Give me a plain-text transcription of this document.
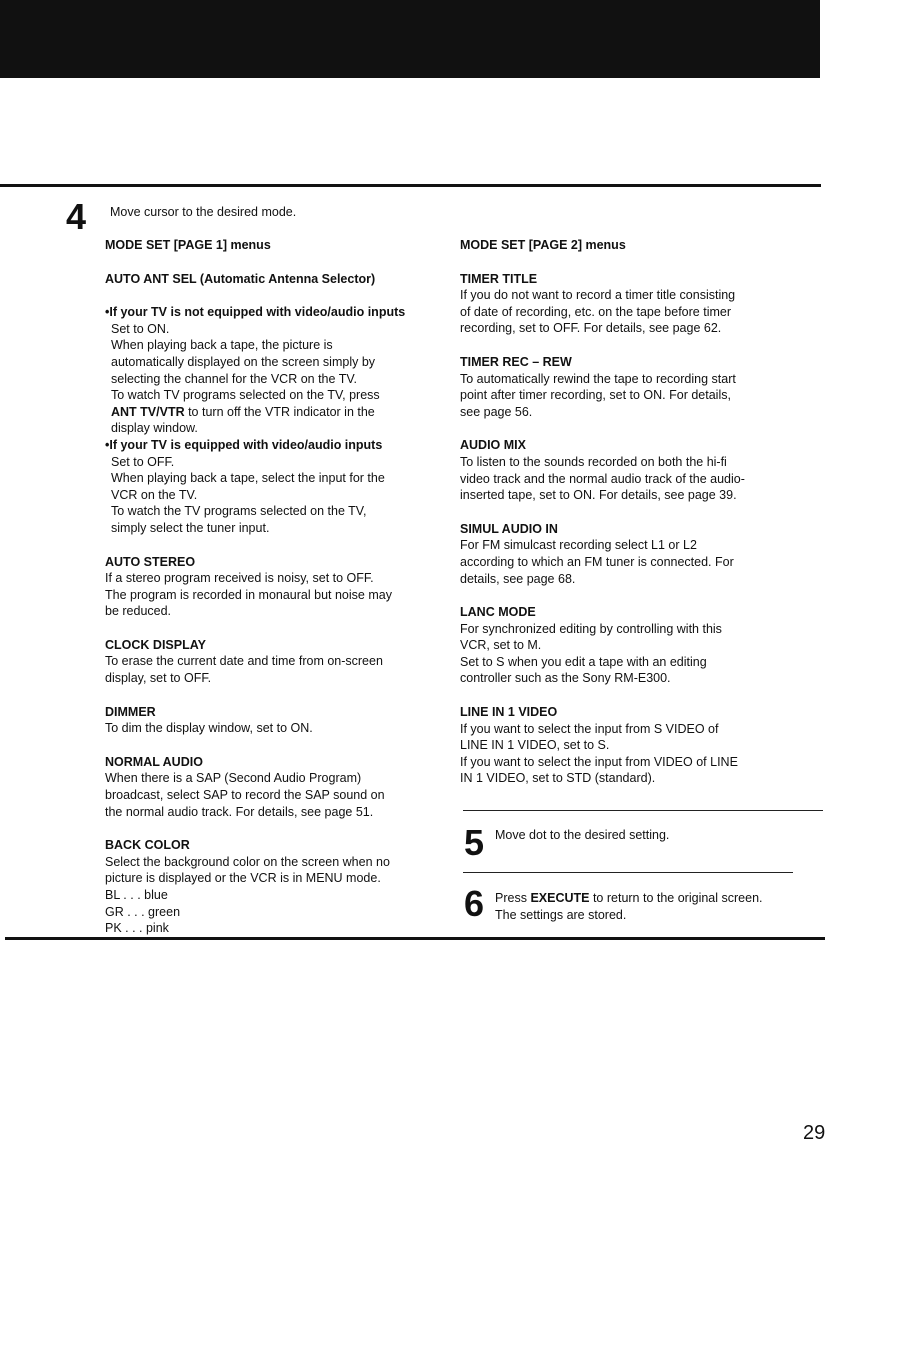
4 Move cursor to the desired mode.

MODE SET [PAGE 1] menus

AUTO ANT SEL (Automatic Antenna Selector)

•If your TV is not equipped with video/audio inputs

Set to ON.

When playing back a tape, the picture is

automatically displayed on the screen simply by

selecting the channel for the VCR on the TV.

To watch TV programs selected on the TV, press

ANT TV/VTR to turn off the VTR indicator in the

display window.

•If your TV is equipped with video/audio inputs

Set to OFF.

When playing back a tape, select the input for the

VCR on the TV.

To watch the TV programs selected on the TV,

simply select the tuner input.

AUTO STEREO

If a stereo program received is noisy, set to OFF.

The program is recorded in monaural but noise may

be reduced.

CLOCK DISPLAY

To erase the current date and time from on-screen

display, set to OFF.

DIMMER

To dim the display window, set to ON.

NORMAL AUDIO

When there is a SAP (Second Audio Program)

broadcast, select SAP to record the SAP sound on

the normal audio track. For details, see page 51.

BACK COLOR

Select the background color on the screen when no

picture is displayed or the VCR is in MENU mode.

BL . . . blue

GR . . . green

PK . . . pink

MODE SET [PAGE 2] menus

TIMER TITLE

If you do not want to record a timer title consisting

of date of recording, etc. on the tape before timer

recording, set to OFF. For details, see page 62.

TIMER REC – REW

To automatically rewind the tape to recording start

point after timer recording, set to ON. For details,

see page 56.

AUDIO MIX

To listen to the sounds recorded on both the hi-fi

video track and the normal audio track of the audio-

inserted tape, set to ON. For details, see page 39.

SIMUL AUDIO IN

For FM simulcast recording select L1 or L2

according to which an FM tuner is connected. For

details, see page 68.

LANC MODE

For synchronized editing by controlling with this

VCR, set to M.

Set to S when you edit a tape with an editing

controller such as the Sony RM-E300.

LINE IN 1 VIDEO

If you want to select the input from S VIDEO of

LINE IN 1 VIDEO, set to S.

If you want to select the input from VIDEO of LINE

IN 1 VIDEO, set to STD (standard).

5 Move dot to the desired setting.
6 Press EXECUTE to return to the original screen.
The settings are stored.
29
